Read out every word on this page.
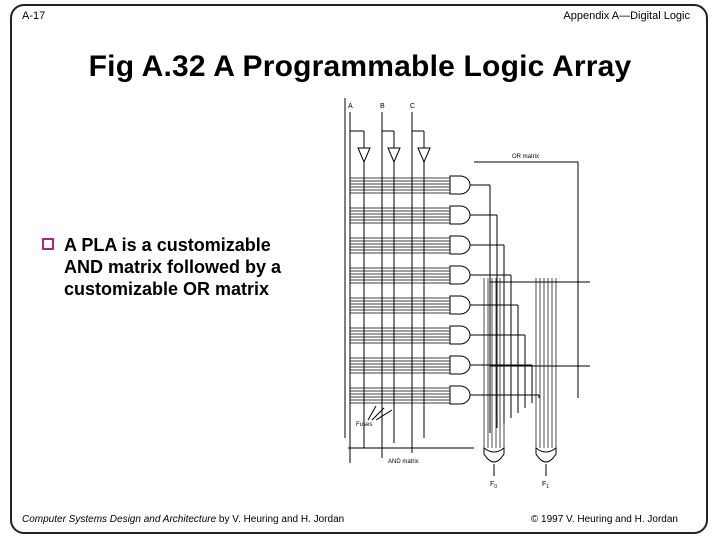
A-17	Appendix A—Digital Logic
Fig A.32 A Programmable Logic Array
A PLA is a customizable AND matrix followed by a customizable OR matrix
A	B	C
Fuses
OR matrix
AND matrix
$F_0$	$F_1$
Computer Systems Design and Architecture by V. Heuring and H. Jordan	© 1997 V. Heuring and H. Jordan
